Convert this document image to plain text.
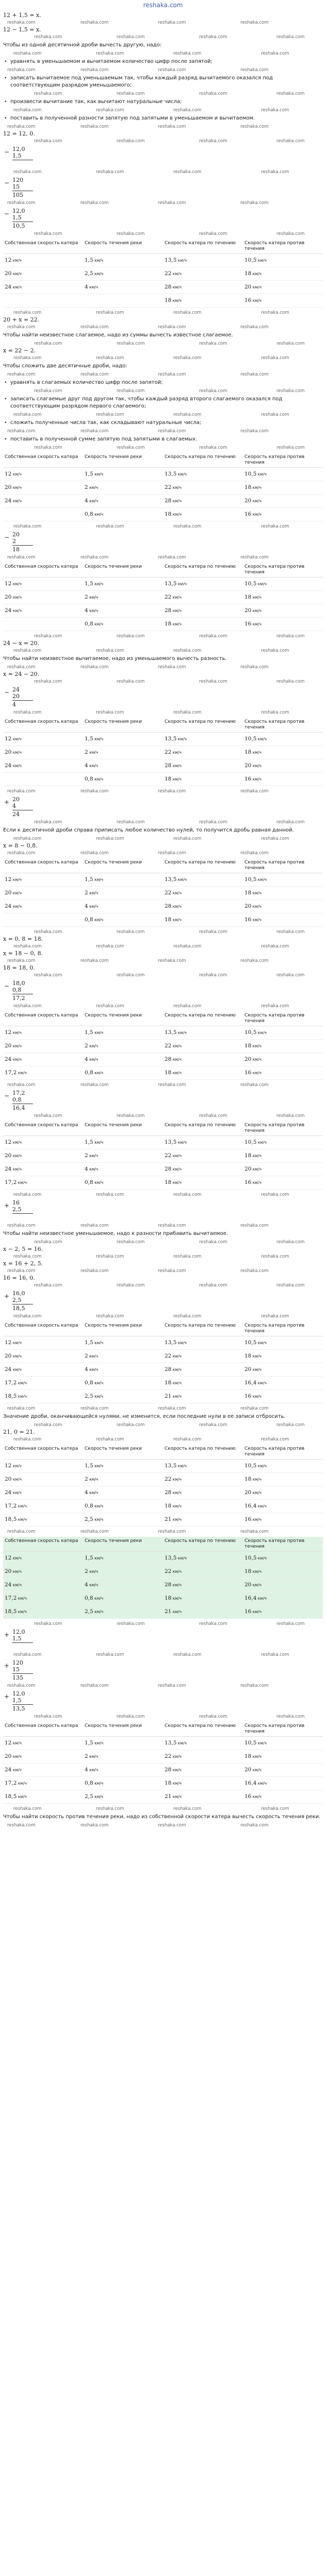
reshaka.com
12 + 1,5 = x.
reshaka.com	reshaka.com	reshaka.com	reshaka.com
12 − 1,5 = x.
reshaka.com	reshaka.com	reshaka.com	reshaka.com
Чтобы из одной десятичной дроби вычесть другую, надо:
reshaka.com	reshaka.com	reshaka.com	reshaka.com
• уравнять в уменьшаемом и вычитаемом количество цифр после запятой;
reshaka.com	reshaka.com	reshaka.com	reshaka.com
• записать вычитаемое под уменьшаемым так, чтобы каждый разряд вычитаемого оказался под соответствующим разрядом уменьшаемого;
reshaka.com	reshaka.com	reshaka.com	reshaka.com
• произвести вычитание так, как вычитают натуральные числа;
reshaka.com	reshaka.com	reshaka.com	reshaka.com
• поставить в полученной разности запятую под запятыми в уменьшаемом и вычитаемом.
reshaka.com	reshaka.com	reshaka.com	reshaka.com
12 = 12, 0.
reshaka.com	reshaka.com	reshaka.com	reshaka.com
− 12,0
1,5
reshaka.com	reshaka.com	reshaka.com	reshaka.com
− 120
15
105
reshaka.com	reshaka.com	reshaka.com	reshaka.com
− 12,0
1,5
10,5
reshaka.com	reshaka.com	reshaka.com	reshaka.com
Собственная скорость катера	Скорость течения реки	Скорость катера по течению	Скорость катера против течения
12 км/ч	1,5 км/ч	13,5 км/ч	10,5 км/ч
20 км/ч	2,5 км/ч	22 км/ч	18 км/ч
24 км/ч	4 км/ч	28 км/ч	20 км/ч
		18 км/ч	16 км/ч
reshaka.com	reshaka.com	reshaka.com	reshaka.com
20 + x = 22.
reshaka.com	reshaka.com	reshaka.com	reshaka.com
Чтобы найти неизвестное слагаемое, надо из суммы вычесть известное слагаемое.
reshaka.com	reshaka.com	reshaka.com	reshaka.com
x = 22 − 2.
reshaka.com	reshaka.com	reshaka.com	reshaka.com
Чтобы сложить две десятичные дроби, надо:
reshaka.com	reshaka.com	reshaka.com	reshaka.com
• уравнять в слагаемых количество цифр после запятой;
reshaka.com	reshaka.com	reshaka.com	reshaka.com
• записать слагаемые друг под другом так, чтобы каждый разряд второго слагаемого оказался под соответствующим разрядом первого слагаемого;
reshaka.com	reshaka.com	reshaka.com	reshaka.com
• сложить полученные числа так, как складывают натуральные числа;
reshaka.com	reshaka.com	reshaka.com	reshaka.com
• поставить в полученной сумме запятую под запятыми в слагаемых.
reshaka.com	reshaka.com	reshaka.com	reshaka.com
Собственная скорость катера	Скорость течения реки	Скорость катера по течению	Скорость катера против течения
12 км/ч	1,5 км/ч	13,5 км/ч	10,5 км/ч
20 км/ч	2 км/ч	22 км/ч	18 км/ч
24 км/ч	4 км/ч	28 км/ч	20 км/ч
	0,8 км/ч	18 км/ч	16 км/ч
reshaka.com	reshaka.com	reshaka.com	reshaka.com
− 20
2
18
reshaka.com	reshaka.com	reshaka.com	reshaka.com
Собственная скорость катера	Скорость течения реки	Скорость катера по течению	Скорость катера против течения
12 км/ч	1,5 км/ч	13,5 км/ч	10,5 км/ч
20 км/ч	2 км/ч	22 км/ч	18 км/ч
24 км/ч	4 км/ч	28 км/ч	20 км/ч
	0,8 км/ч	18 км/ч	16 км/ч
reshaka.com	reshaka.com	reshaka.com	reshaka.com
24 − x = 20.
reshaka.com	reshaka.com	reshaka.com	reshaka.com
Чтобы найти неизвестное вычитаемое, надо из уменьшаемого вычесть разность.
reshaka.com	reshaka.com	reshaka.com	reshaka.com
x = 24 − 20.
reshaka.com	reshaka.com	reshaka.com	reshaka.com
− 24
20
4
reshaka.com	reshaka.com	reshaka.com	reshaka.com
Собственная скорость катера	Скорость течения реки	Скорость катера по течению	Скорость катера против течения
12 км/ч	1,5 км/ч	13,5 км/ч	10,5 км/ч
20 км/ч	2 км/ч	22 км/ч	18 км/ч
24 км/ч	4 км/ч	28 км/ч	20 км/ч
	0,8 км/ч	18 км/ч	16 км/ч
reshaka.com	reshaka.com	reshaka.com	reshaka.com
+ 20
4
24
reshaka.com	reshaka.com	reshaka.com	reshaka.com
Если к десятичной дроби справа приписать любое количество нулей, то получится дробь равная данной.
reshaka.com	reshaka.com	reshaka.com	reshaka.com
x = 8 − 0,8.
reshaka.com	reshaka.com	reshaka.com	reshaka.com
Собственная скорость катера	Скорость течения реки	Скорость катера по течению	Скорость катера против течения
12 км/ч	1,5 км/ч	13,5 км/ч	10,5 км/ч
20 км/ч	2 км/ч	22 км/ч	18 км/ч
24 км/ч	4 км/ч	28 км/ч	20 км/ч
	0,8 км/ч	18 км/ч	16 км/ч
reshaka.com	reshaka.com	reshaka.com	reshaka.com
x = 0, 8 = 18.
reshaka.com	reshaka.com	reshaka.com	reshaka.com
x = 18 − 0, 8.
reshaka.com	reshaka.com	reshaka.com	reshaka.com
18 = 18, 0.
reshaka.com	reshaka.com	reshaka.com	reshaka.com
− 18,0
0,8
17,2
reshaka.com	reshaka.com	reshaka.com	reshaka.com
Собственная скорость катера	Скорость течения реки	Скорость катера по течению	Скорость катера против течения
12 км/ч	1,5 км/ч	13,5 км/ч	10,5 км/ч
20 км/ч	2 км/ч	22 км/ч	18 км/ч
24 км/ч	4 км/ч	28 км/ч	20 км/ч
17,2 км/ч	0,8 км/ч	18 км/ч	16 км/ч
reshaka.com	reshaka.com	reshaka.com	reshaka.com
− 17,2
0,8
16,4
reshaka.com	reshaka.com	reshaka.com	reshaka.com
Собственная скорость катера	Скорость течения реки	Скорость катера по течению	Скорость катера против течения
12 км/ч	1,5 км/ч	13,5 км/ч	10,5 км/ч
20 км/ч	2 км/ч	22 км/ч	18 км/ч
24 км/ч	4 км/ч	28 км/ч	20 км/ч
17,2 км/ч	0,8 км/ч	18 км/ч	16 км/ч
reshaka.com	reshaka.com	reshaka.com	reshaka.com
+ 16
2,5
reshaka.com	reshaka.com	reshaka.com	reshaka.com
Чтобы найти неизвестное уменьшаемое, надо к разности прибавить вычитаемое.
reshaka.com	reshaka.com	reshaka.com	reshaka.com
x − 2, 5 = 16.
reshaka.com	reshaka.com	reshaka.com	reshaka.com
x = 16 + 2, 5.
reshaka.com	reshaka.com	reshaka.com	reshaka.com
16 = 16, 0.
reshaka.com	reshaka.com	reshaka.com	reshaka.com
+ 16,0
2,5
18,5
reshaka.com	reshaka.com	reshaka.com	reshaka.com
Собственная скорость катера	Скорость течения реки	Скорость катера по течению	Скорость катера против течения
12 км/ч	1,5 км/ч	13,5 км/ч	10,5 км/ч
20 км/ч	2 км/ч	22 км/ч	18 км/ч
24 км/ч	4 км/ч	28 км/ч	20 км/ч
17,2 км/ч	0,8 км/ч	18 км/ч	16,4 км/ч
18,5 км/ч	2,5 км/ч	21 км/ч	16 км/ч
reshaka.com	reshaka.com	reshaka.com	reshaka.com
Значение дроби, оканчивающейся нулями, не изменится, если последние нули в ее записи отбросить.
reshaka.com	reshaka.com	reshaka.com	reshaka.com
21, 0 = 21.
reshaka.com	reshaka.com	reshaka.com	reshaka.com
Собственная скорость катера	Скорость течения реки	Скорость катера по течению	Скорость катера против течения
12 км/ч	1,5 км/ч	13,5 км/ч	10,5 км/ч
20 км/ч	2 км/ч	22 км/ч	18 км/ч
24 км/ч	4 км/ч	28 км/ч	20 км/ч
17,2 км/ч	0,8 км/ч	18 км/ч	16,4 км/ч
18,5 км/ч	2,5 км/ч	21 км/ч	16 км/ч
reshaka.com	reshaka.com	reshaka.com	reshaka.com
Собственная скорость катера	Скорость течения реки	Скорость катера по течению	Скорость катера против течения
12 км/ч	1,5 км/ч	13,5 км/ч	10,5 км/ч
20 км/ч	2 км/ч	22 км/ч	18 км/ч
24 км/ч	4 км/ч	28 км/ч	20 км/ч
17,2 км/ч	0,8 км/ч	18 км/ч	16,4 км/ч
18,5 км/ч	2,5 км/ч	21 км/ч	16 км/ч
reshaka.com	reshaka.com	reshaka.com	reshaka.com
+ 12,0
1,5
reshaka.com	reshaka.com	reshaka.com	reshaka.com
+ 120
15
135
reshaka.com	reshaka.com	reshaka.com	reshaka.com
+ 12,0
1,5
13,5
reshaka.com	reshaka.com	reshaka.com	reshaka.com
Собственная скорость катера	Скорость течения реки	Скорость катера по течению	Скорость катера против течения
12 км/ч	1,5 км/ч	13,5 км/ч	10,5 км/ч
20 км/ч	2 км/ч	22 км/ч	18 км/ч
24 км/ч	4 км/ч	28 км/ч	20 км/ч
17,2 км/ч	0,8 км/ч	18 км/ч	16,4 км/ч
18,5 км/ч	2,5 км/ч	21 км/ч	16 км/ч
reshaka.com	reshaka.com	reshaka.com	reshaka.com
Чтобы найти скорость против течения реки, надо из собственной скорости катера вычесть скорость течения реки.
reshaka.com	reshaka.com	reshaka.com	reshaka.com
